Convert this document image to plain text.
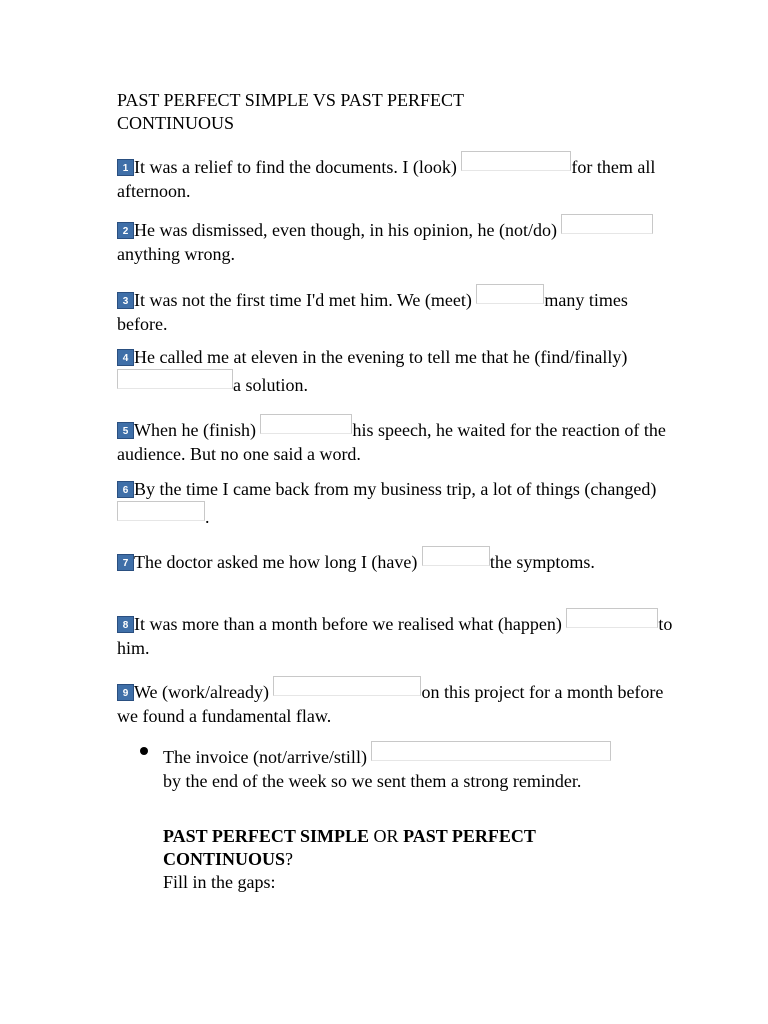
PAST PERFECT SIMPLE VS PAST PERFECT CONTINUOUS
1 It was a relief to find the documents. I (look)	for them all afternoon.
2 He was dismissed, even though, in his opinion, he (not/do) anything wrong.
3 It was not the first time I'd met him. We (meet)	many times before.
4 He called me at eleven in the evening to tell me that he (find/finally) a solution.
5 When he (finish)	his speech, he waited for the reaction of the audience. But no one said a word.
6 By the time I came back from my business trip, a lot of things (changed) .
7 The doctor asked me how long I (have)	the symptoms.
8 It was more than a month before we realised what (happen)	to him.
9 We (work/already)	on this project for a month before we found a fundamental flaw.
The invoice (not/arrive/still)
by the end of the week so we sent them a strong reminder.
PAST PERFECT SIMPLE OR PAST PERFECT CONTINUOUS?
Fill in the gaps:
